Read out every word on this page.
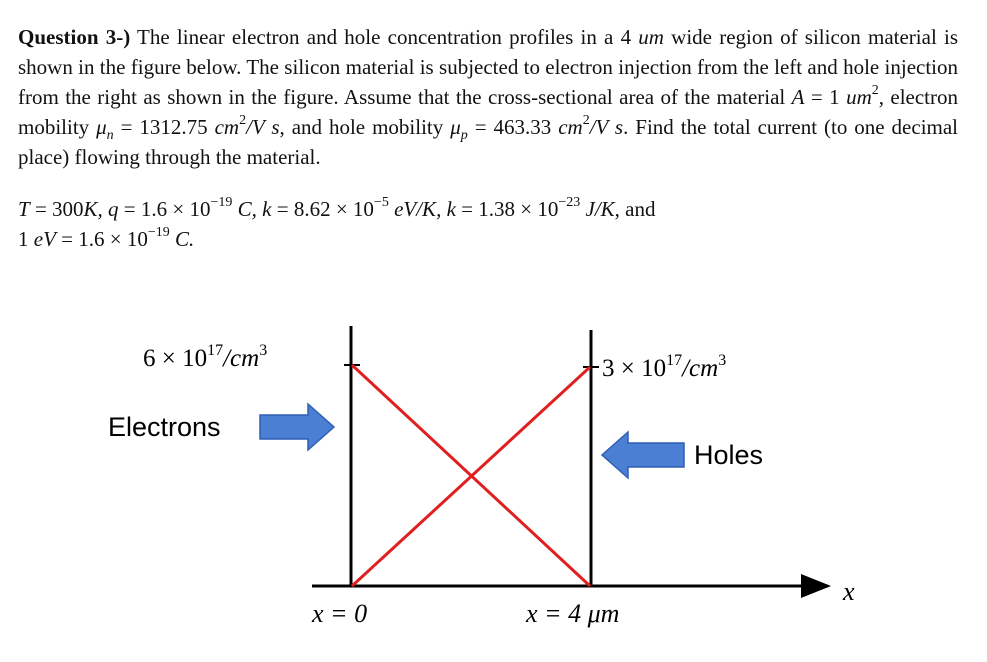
Question 3-) The linear electron and hole concentration profiles in a 4 um wide region of silicon material is shown in the figure below. The silicon material is subjected to electron injection from the left and hole injection from the right as shown in the figure. Assume that the cross-sectional area of the material A = 1 $um^2$, electron mobility $\mu_n = 1312.75$ $cm^2/V$ s, and hole mobility $\mu_p = 463.33$ $cm^2/V$ s. Find the total current (to one decimal place) flowing through the material.
T = 300K, $q = 1.6 \times 10^{-19}$ C, $k = 8.62 \times 10^{-5}$ eV/K, $k = 1.38 \times 10^{-23}$ J/K, and
1 eV = $1.6 \times 10^{-19}$ C.
x
$6 \times 10^{17}/cm^3$
$3 \times 10^{17}/cm^3$
Electrons
Holes
x = 0	x = 4 μm
